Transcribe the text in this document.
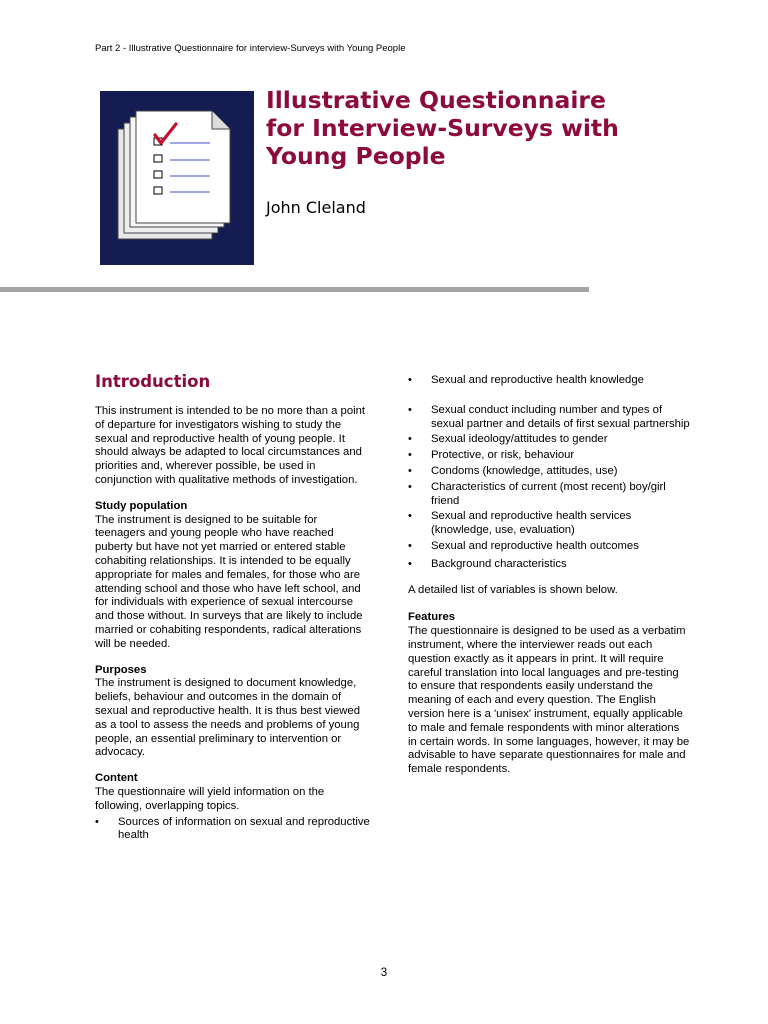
Part 2 - Illustrative Questionnaire for interview-Surveys with Young People
Illustrative Questionnaire
for Interview-Surveys with
Young People
John Cleland
Introduction

This instrument is intended to be no more than a point of departure for investigators wishing to study the sexual and reproductive health of young people. It should always be adapted to local circumstances and priorities and, wherever possible, be used in conjunction with qualitative methods of investigation.

Study population

The instrument is designed to be suitable for teenagers and young people who have reached puberty but have not yet married or entered stable cohabiting relationships. It is intended to be equally appropriate for males and females, for those who are attending school and those who have left school, and for individuals with experience of sexual intercourse and those without. In surveys that are likely to include married or cohabiting respondents, radical alterations will be needed.

Purposes

The instrument is designed to document knowledge, beliefs, behaviour and outcomes in the domain of sexual and reproductive health. It is thus best viewed as a tool to assess the needs and problems of young people, an essential preliminary to intervention or advocacy.

Content

The questionnaire will yield information on the following, overlapping topics.

• Sources of information on sexual and reproductive health
• Sexual and reproductive health knowledge
• Sexual conduct including number and types of sexual partner and details of first sexual partnership
• Sexual ideology/attitudes to gender
• Protective, or risk, behaviour
• Condoms (knowledge, attitudes, use)
• Characteristics of current (most recent) boy/girl friend
• Sexual and reproductive health services (knowledge, use, evaluation)
• Sexual and reproductive health outcomes
• Background characteristics

A detailed list of variables is shown below.

Features

The questionnaire is designed to be used as a verbatim instrument, where the interviewer reads out each question exactly as it appears in print. It will require careful translation into local languages and pre-testing to ensure that respondents easily understand the meaning of each and every question. The English version here is a 'unisex' instrument, equally applicable to male and female respondents with minor alterations in certain words. In some languages, however, it may be advisable to have separate questionnaires for male and female respondents.

3
